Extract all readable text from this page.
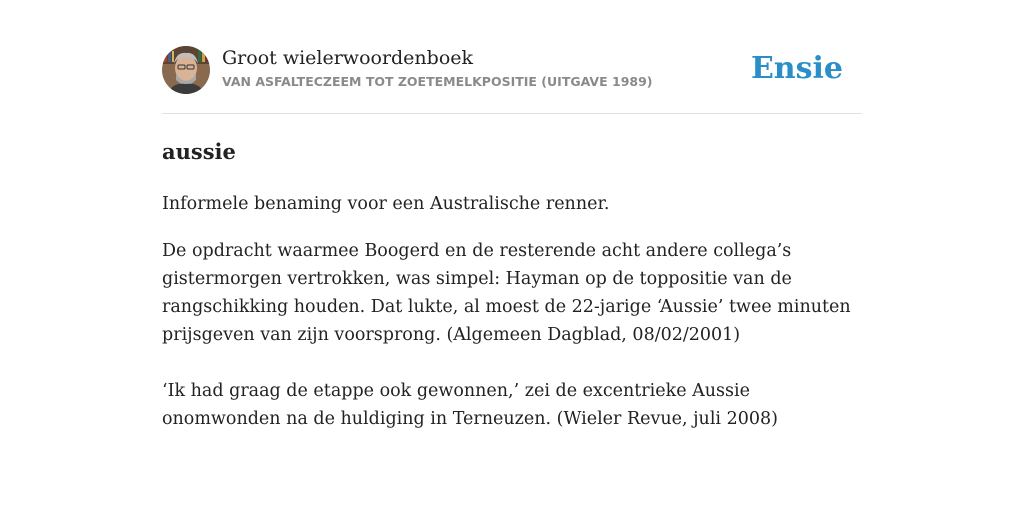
Groot wielerwoordenboek
VAN ASFALTECZEEM TOT ZOETEMELKPOSITIE (UITGAVE 1989)	Ensie
aussie

Informele benaming voor een Australische renner.

De opdracht waarmee Boogerd en de resterende acht andere collega’s gistermorgen vertrokken, was simpel: Hayman op de toppositie van de rangschikking houden. Dat lukte, al moest de 22-jarige ‘Aussie’ twee minuten prijsgeven van zijn voorsprong. (Algemeen Dagblad, 08/02/2001)

‘Ik had graag de etappe ook gewonnen,’ zei de excentrieke Aussie onomwonden na de huldiging in Terneuzen. (Wieler Revue, juli 2008)
